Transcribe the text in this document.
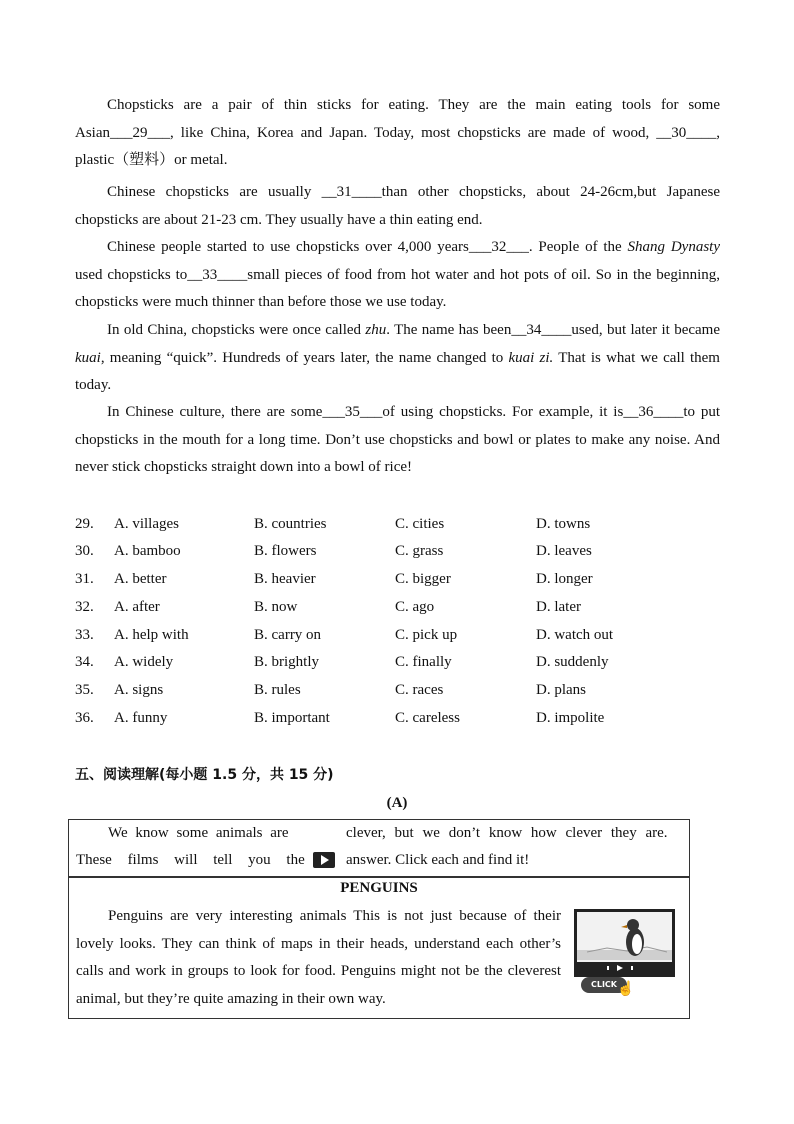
Chopsticks are a pair of thin sticks for eating. They are the main eating tools for some Asian___29___, like China, Korea and Japan. Today, most chopsticks are made of wood, __30____, plastic（塑料）or metal.

Chinese chopsticks are usually __31____than other chopsticks, about 24-26cm,but Japanese chopsticks are about 21-23 cm. They usually have a thin eating end.

Chinese people started to use chopsticks over 4,000 years___32___. People of the Shang Dynasty used chopsticks to__33____small pieces of food from hot water and hot pots of oil. So in the beginning, chopsticks were much thinner than before those we use today.

In old China, chopsticks were once called zhu. The name has been__34____used, but later it became kuai, meaning “quick”. Hundreds of years later, the name changed to kuai zi. That is what we call them today.

In Chinese culture, there are some___35___of using chopsticks. For example, it is__36____to put chopsticks in the mouth for a long time. Don’t use chopsticks and bowl or plates to make any noise. And never stick chopsticks straight down into a bowl of rice!

29. A. villages	B. countries	C. cities	D. towns
30. A. bamboo	B. flowers	C. grass	D. leaves
31. A. better	B. heavier	C. bigger	D. longer
32. A. after	B. now	C. ago	D. later
33. A. help with	B. carry on	C. pick up	D. watch out
34. A. widely	B. brightly	C. finally	D. suddenly
35. A. signs	B. rules	C. races	D. plans
36. A. funny	B. important	C. careless	D. impolite
五、阅读理解(每小题 1.5 分，共 15 分)
(A)
We know some animals are	clever, but we don’t know how clever they are.
These films will tell you the	answer. Click each and find it!
PENGUINS

Penguins are very interesting animals This is not just because of their lovely looks. They can think of maps in their heads, understand each other’s calls and work in groups to look for food. Penguins might not be the cleverest animal, but they’re quite amazing in their own way.

CLICK ☝
